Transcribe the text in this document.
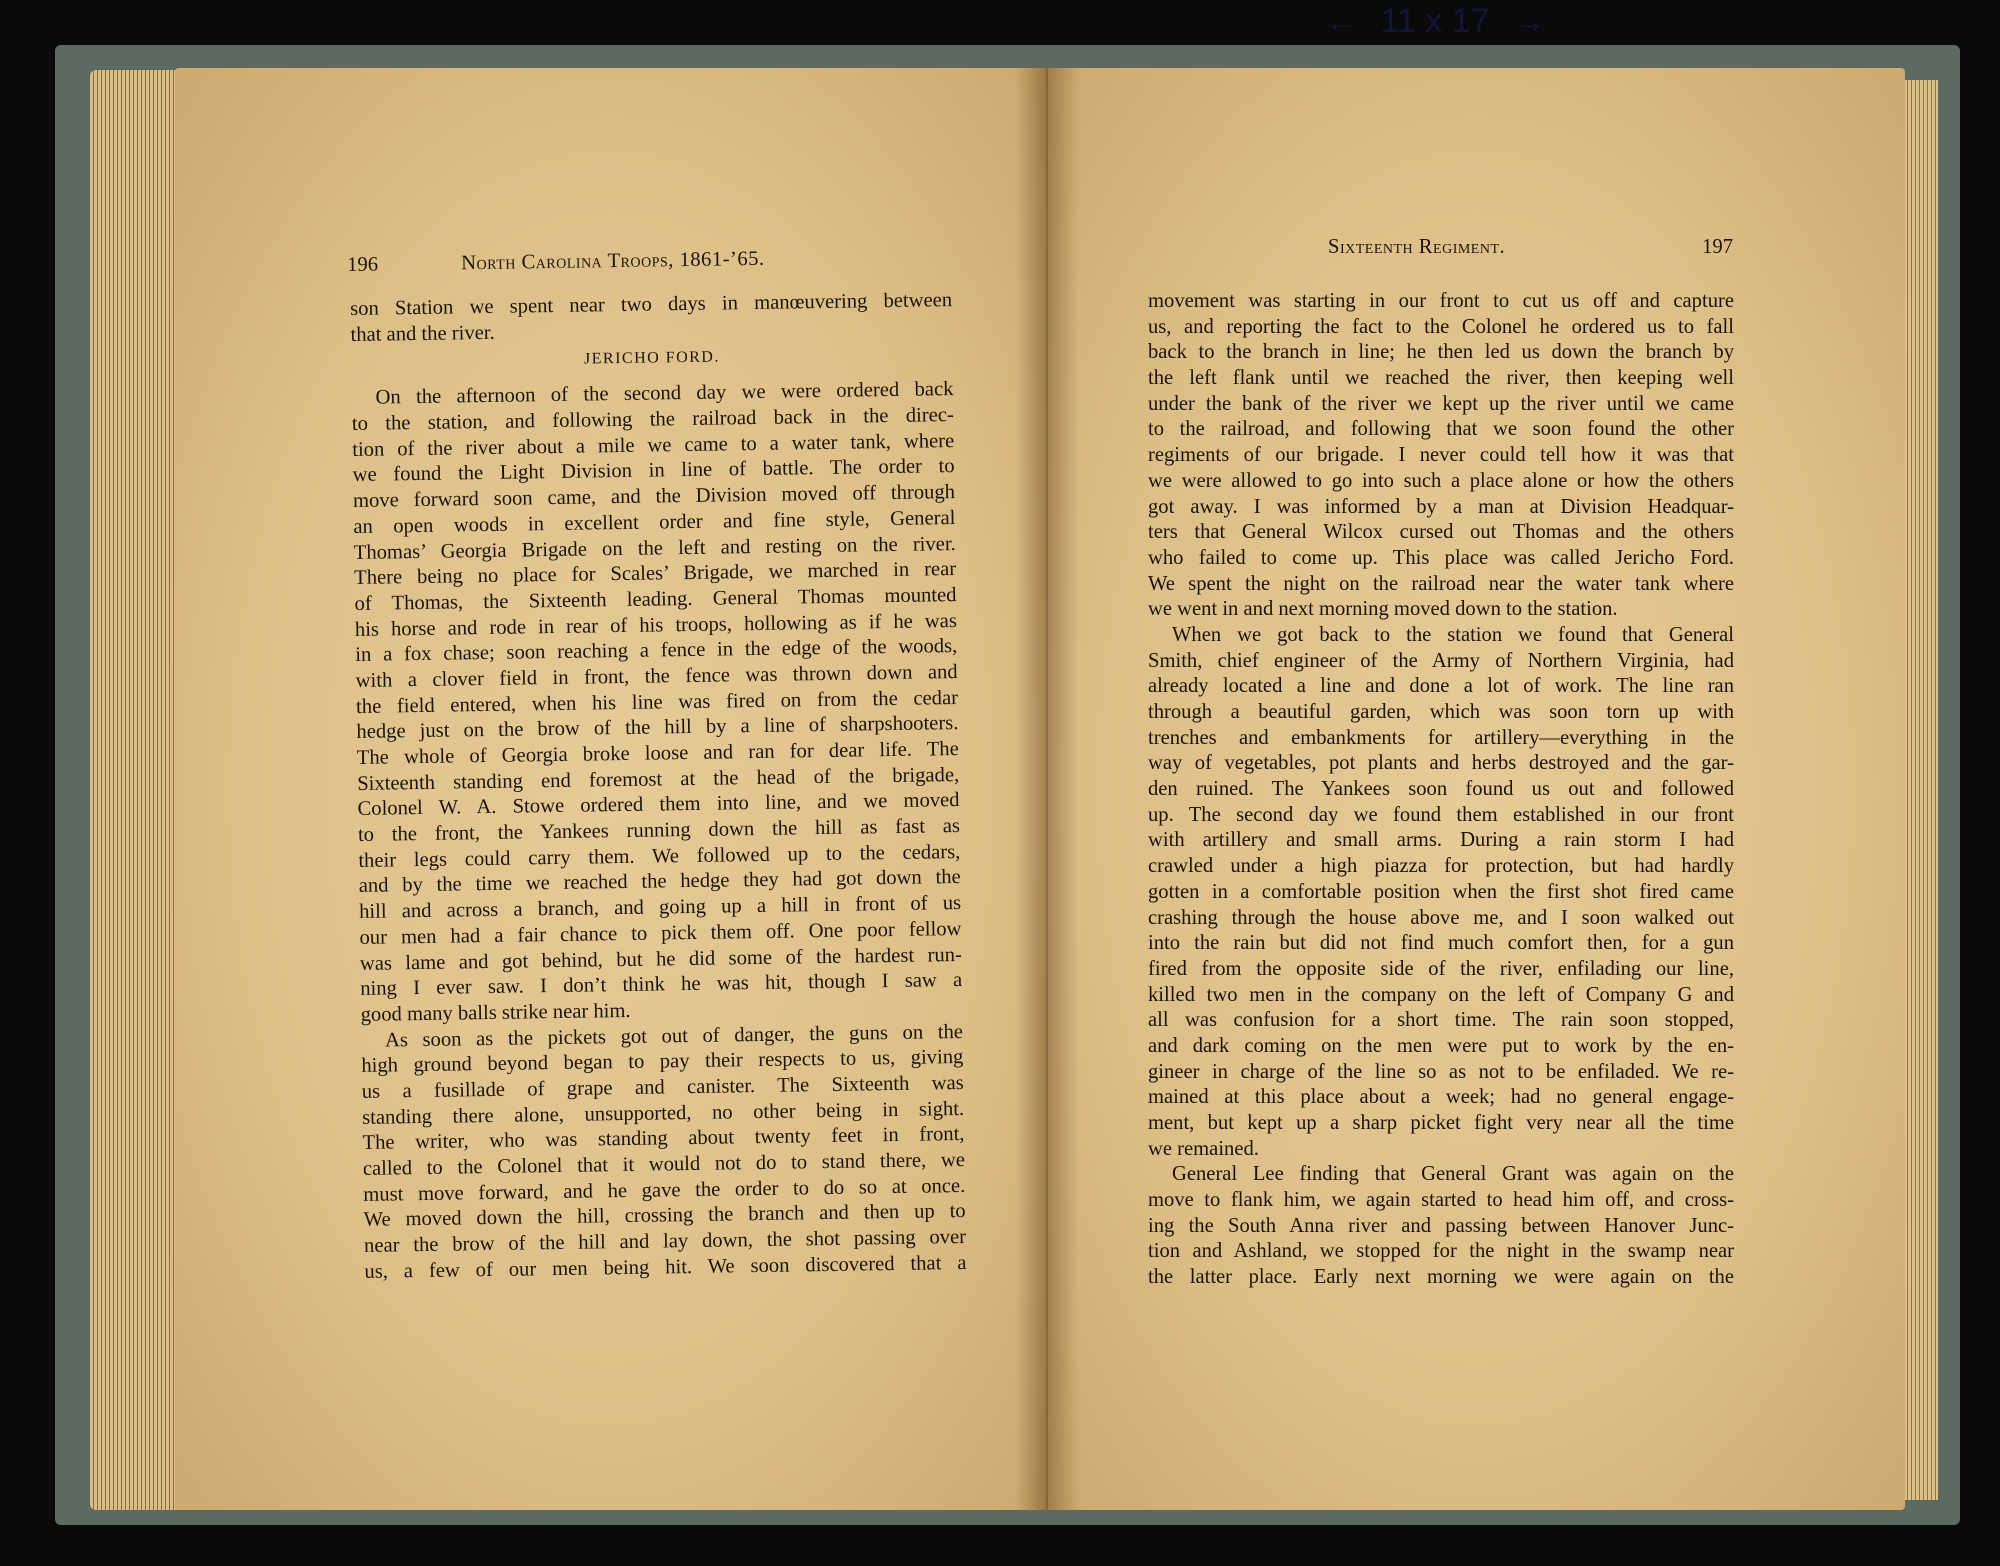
← 11 x 17 →
196	North Carolina Troops, 1861-’65.
Sixteenth Regiment.	197
son Station we spent near two days in manœuvering between
that and the river.
JERICHO FORD.
On the afternoon of the second day we were ordered back
to the station, and following the railroad back in the direc-
tion of the river about a mile we came to a water tank, where
we found the Light Division in line of battle. The order to
move forward soon came, and the Division moved off through
an open woods in excellent order and fine style, General
Thomas’ Georgia Brigade on the left and resting on the river.
There being no place for Scales’ Brigade, we marched in rear
of Thomas, the Sixteenth leading. General Thomas mounted
his horse and rode in rear of his troops, hollowing as if he was
in a fox chase; soon reaching a fence in the edge of the woods,
with a clover field in front, the fence was thrown down and
the field entered, when his line was fired on from the cedar
hedge just on the brow of the hill by a line of sharpshooters.
The whole of Georgia broke loose and ran for dear life. The
Sixteenth standing end foremost at the head of the brigade,
Colonel W. A. Stowe ordered them into line, and we moved
to the front, the Yankees running down the hill as fast as
their legs could carry them. We followed up to the cedars,
and by the time we reached the hedge they had got down the
hill and across a branch, and going up a hill in front of us
our men had a fair chance to pick them off. One poor fellow
was lame and got behind, but he did some of the hardest run-
ning I ever saw. I don’t think he was hit, though I saw a
good many balls strike near him.
As soon as the pickets got out of danger, the guns on the
high ground beyond began to pay their respects to us, giving
us a fusillade of grape and canister. The Sixteenth was
standing there alone, unsupported, no other being in sight.
The writer, who was standing about twenty feet in front,
called to the Colonel that it would not do to stand there, we
must move forward, and he gave the order to do so at once.
We moved down the hill, crossing the branch and then up to
near the brow of the hill and lay down, the shot passing over
us, a few of our men being hit. We soon discovered that a
movement was starting in our front to cut us off and capture
us, and reporting the fact to the Colonel he ordered us to fall
back to the branch in line; he then led us down the branch by
the left flank until we reached the river, then keeping well
under the bank of the river we kept up the river until we came
to the railroad, and following that we soon found the other
regiments of our brigade. I never could tell how it was that
we were allowed to go into such a place alone or how the others
got away. I was informed by a man at Division Headquar-
ters that General Wilcox cursed out Thomas and the others
who failed to come up. This place was called Jericho Ford.
We spent the night on the railroad near the water tank where
we went in and next morning moved down to the station.
When we got back to the station we found that General
Smith, chief engineer of the Army of Northern Virginia, had
already located a line and done a lot of work. The line ran
through a beautiful garden, which was soon torn up with
trenches and embankments for artillery—everything in the
way of vegetables, pot plants and herbs destroyed and the gar-
den ruined. The Yankees soon found us out and followed
up. The second day we found them established in our front
with artillery and small arms. During a rain storm I had
crawled under a high piazza for protection, but had hardly
gotten in a comfortable position when the first shot fired came
crashing through the house above me, and I soon walked out
into the rain but did not find much comfort then, for a gun
fired from the opposite side of the river, enfilading our line,
killed two men in the company on the left of Company G and
all was confusion for a short time. The rain soon stopped,
and dark coming on the men were put to work by the en-
gineer in charge of the line so as not to be enfiladed. We re-
mained at this place about a week; had no general engage-
ment, but kept up a sharp picket fight very near all the time
we remained.
General Lee finding that General Grant was again on the
move to flank him, we again started to head him off, and cross-
ing the South Anna river and passing between Hanover Junc-
tion and Ashland, we stopped for the night in the swamp near
the latter place. Early next morning we were again on the
